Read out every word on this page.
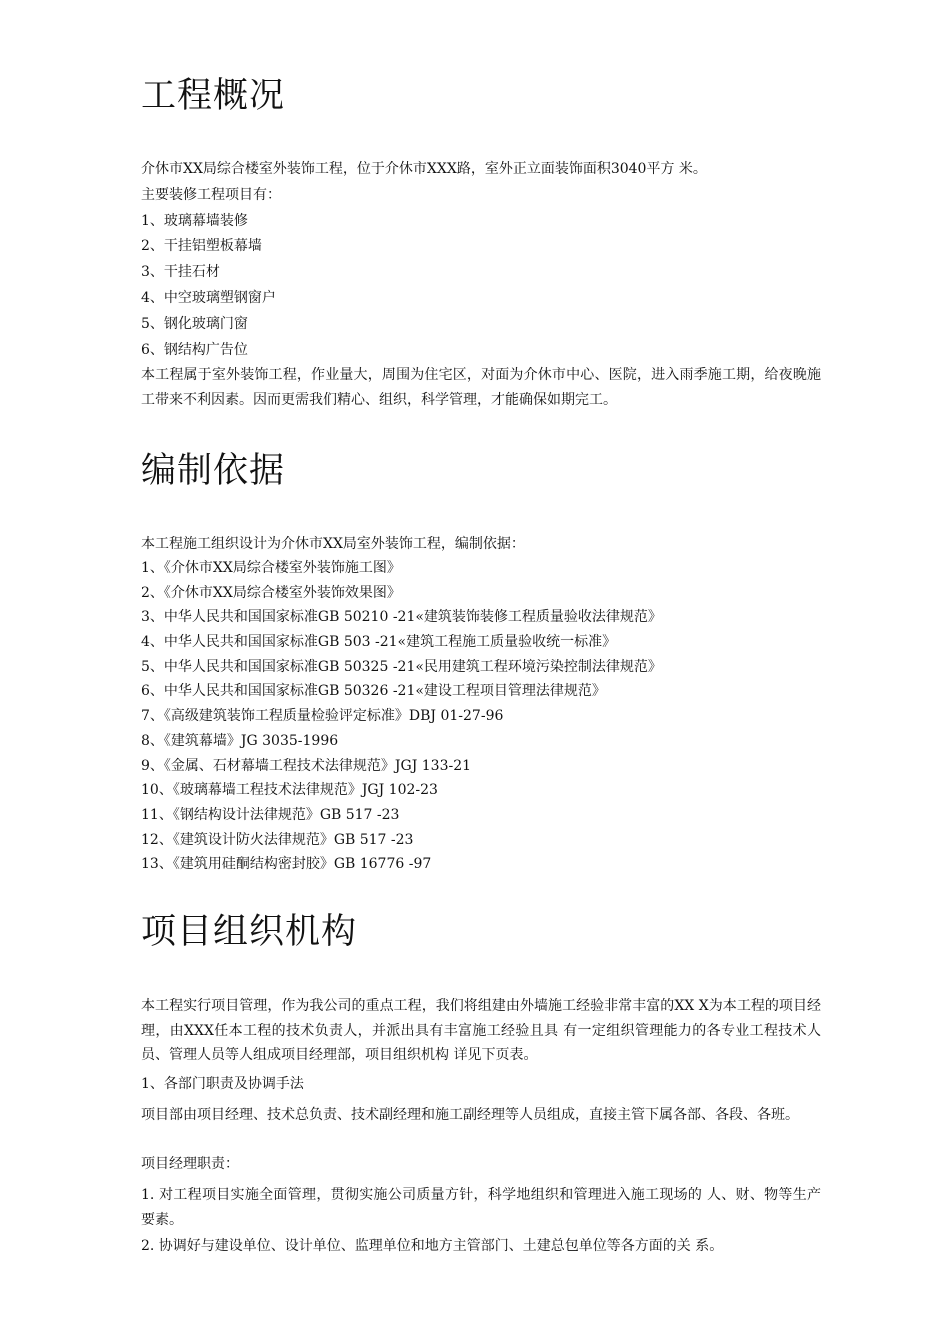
工程概况

介休市XX局综合楼室外装饰工程，位于介休市XXX路，室外正立面装饰面积3040平方 米。

主要装修工程项目有：

1、玻璃幕墙装修

2、干挂铝塑板幕墙

3、干挂石材

4、中空玻璃塑钢窗户

5、钢化玻璃门窗

6、钢结构广告位

本工程属于室外装饰工程，作业量大，周围为住宅区，对面为介休市中心、医院，进入雨季施工期，给夜晚施工带来不利因素。因而更需我们精心、组织，科学管理，才能确保如期完工。

编制依据

本工程施工组织设计为介休市XX局室外装饰工程，编制依据：

1、《介休市XX局综合楼室外装饰施工图》

2、《介休市XX局综合楼室外装饰效果图》

3、中华人民共和国国家标准GB 50210 -21«建筑装饰装修工程质量验收法律规范》

4、中华人民共和国国家标准GB 503 -21«建筑工程施工质量验收统一标准》

5、中华人民共和国国家标准GB 50325 -21«民用建筑工程环境污染控制法律规范》

6、中华人民共和国国家标准GB 50326 -21«建设工程项目管理法律规范》

7、《高级建筑装饰工程质量检验评定标准》DBJ 01-27-96

8、《建筑幕墙》JG 3035-1996

9、《金属、石材幕墙工程技术法律规范》JGJ 133-21

10、《玻璃幕墙工程技术法律规范》JGJ 102-23

11、《钢结构设计法律规范》GB 517 -23

12、《建筑设计防火法律规范》GB 517 -23

13、《建筑用硅酮结构密封胶》GB 16776 -97

项目组织机构

本工程实行项目管理，作为我公司的重点工程，我们将组建由外墙施工经验非常丰富的XX X为本工程的项目经理，由XXX任本工程的技术负责人，并派出具有丰富施工经验且具 有一定组织管理能力的各专业工程技术人员、管理人员等人组成项目经理部，项目组织机构 详见下页表。

1、各部门职责及协调手法

项目部由项目经理、技术总负责、技术副经理和施工副经理等人员组成，直接主管下属各部、各段、各班。

项目经理职责：

1. 对工程项目实施全面管理，贯彻实施公司质量方针，科学地组织和管理进入施工现场的 人、财、物等生产要素。

2. 协调好与建设单位、设计单位、监理单位和地方主管部门、土建总包单位等各方面的关 系。
